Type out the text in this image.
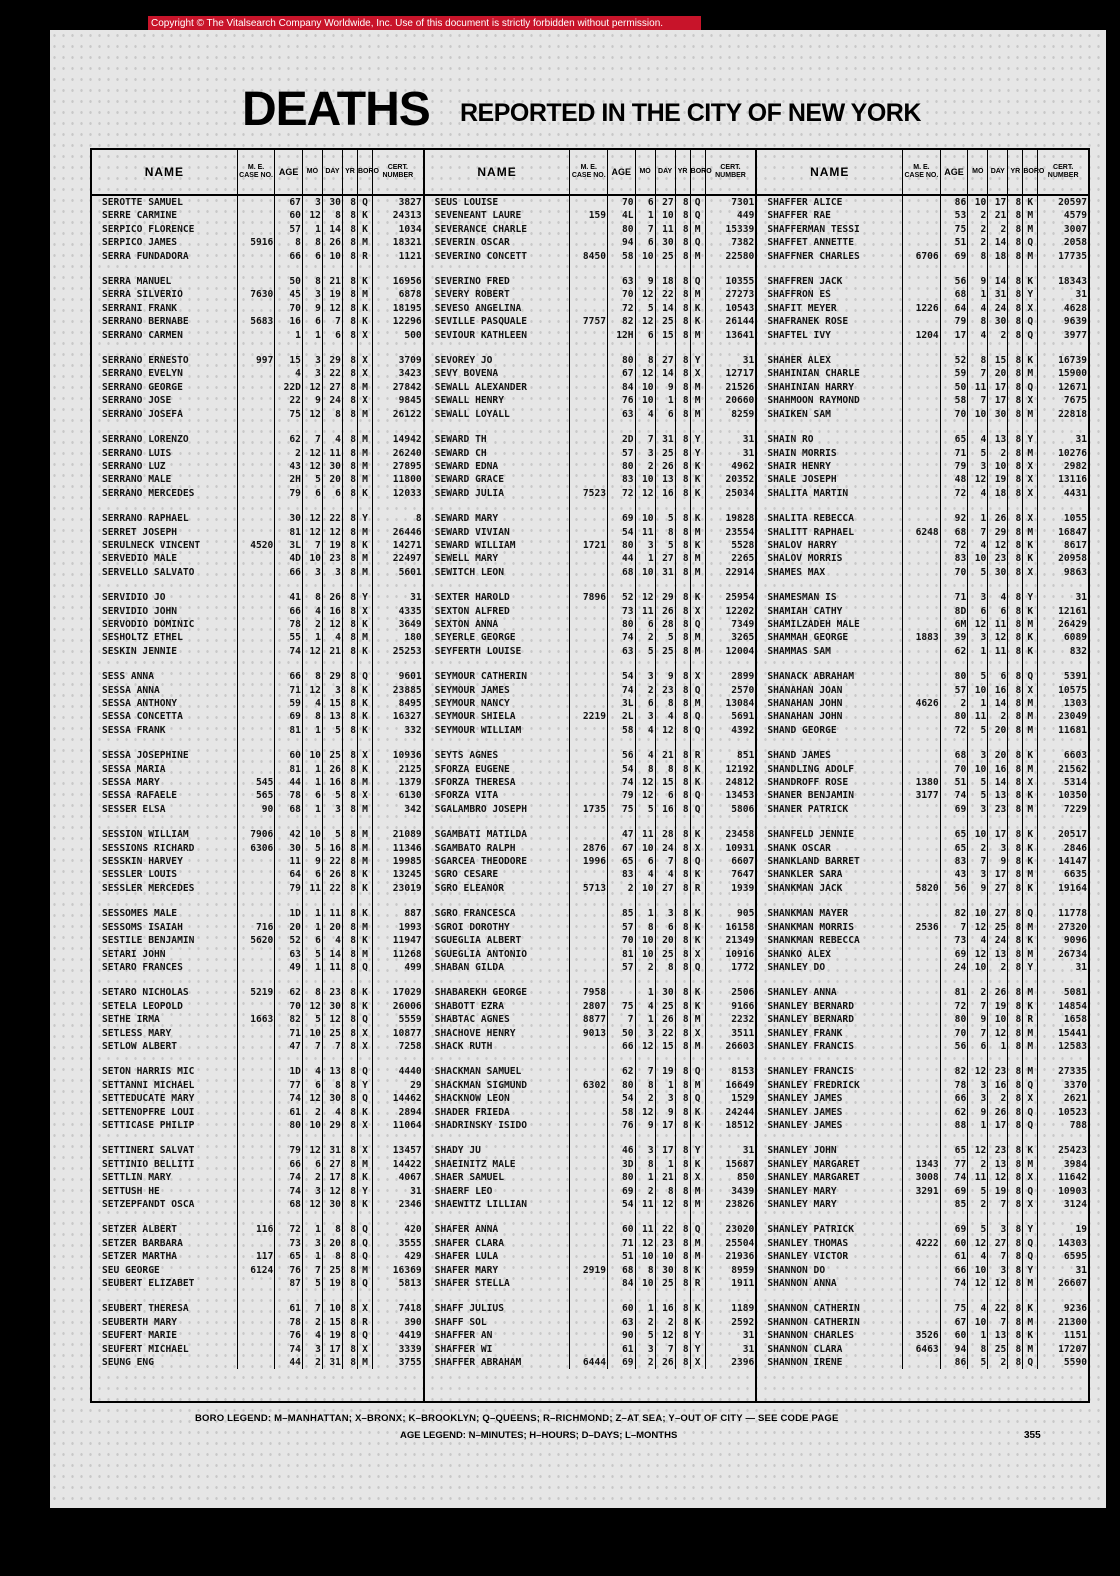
Copyright © The Vitalsearch Company Worldwide, Inc. Use of this document is strictly forbidden without permission.
DEATHS REPORTED IN THE CITY OF NEW YORK
NAME	M. E. CASE NO.	AGE	MO	DAY	YR	BORO	CERT. NUMBER
SEROTTE SAMUEL		67	3	30	8	Q	3827
SERRE CARMINE		60	12	8	8	K	24313
SERPICO FLORENCE		57	1	14	8	K	1034
SERPICO JAMES	5916	8	8	26	8	M	18321
SERRA FUNDADORA		66	6	10	8	R	1121

SERRA MANUEL		50	8	21	8	K	16956
SERRA SILVERIO	7630	45	3	19	8	M	6878
SERRANI FRANK		70	9	12	8	K	18195
SERRANO BERNABE	5683	16	6	7	8	K	12296
SERRANO CARMEN		1	1	6	8	X	500

SERRANO ERNESTO	997	15	3	29	8	X	3709
SERRANO EVELYN		4	3	22	8	X	3423
SERRANO GEORGE		22D	12	27	8	M	27842
SERRANO JOSE		22	9	24	8	X	9845
SERRANO JOSEFA		75	12	8	8	M	26122

SERRANO LORENZO		62	7	4	8	M	14942
SERRANO LUIS		2	12	11	8	M	26240
SERRANO LUZ		43	12	30	8	M	27895
SERRANO MALE		2H	5	20	8	M	11800
SERRANO MERCEDES		79	6	6	8	K	12033

SERRANO RAPHAEL		30	12	22	8	Y	8
SERRET JOSEPH		81	12	12	8	M	26446
SERULNECK VINCENT	4520	3L	7	19	8	K	14271
SERVEDIO MALE		4D	10	23	8	M	22497
SERVELLO SALVATO		66	3	3	8	M	5601

SERVIDIO JO		41	8	26	8	Y	31
SERVIDIO JOHN		66	4	16	8	X	4335
SERVODIO DOMINIC		78	2	12	8	K	3649
SESHOLTZ ETHEL		55	1	4	8	M	180
SESKIN JENNIE		74	12	21	8	K	25253

SESS ANNA		66	8	29	8	Q	9601
SESSA ANNA		71	12	3	8	K	23885
SESSA ANTHONY		59	4	15	8	K	8495
SESSA CONCETTA		69	8	13	8	K	16327
SESSA FRANK		81	1	5	8	K	332

SESSA JOSEPHINE		60	10	25	8	X	10936
SESSA MARIA		81	1	26	8	K	2125
SESSA MARY	545	44	1	16	8	M	1379
SESSA RAFAELE	565	78	6	5	8	X	6130
SESSER ELSA	90	68	1	3	8	M	342

SESSION WILLIAM	7906	42	10	5	8	M	21089
SESSIONS RICHARD	6306	30	5	16	8	M	11346
SESSKIN HARVEY		11	9	22	8	M	19985
SESSLER LOUIS		64	6	26	8	K	13245
SESSLER MERCEDES		79	11	22	8	K	23019

SESSOMES MALE		1D	1	11	8	K	887
SESSOMS ISAIAH	716	20	1	20	8	M	1993
SESTILE BENJAMIN	5620	52	6	4	8	K	11947
SETARI JOHN		63	5	14	8	M	11268
SETARO FRANCES		49	1	11	8	Q	499

SETARO NICHOLAS	5219	62	8	23	8	K	17029
SETELA LEOPOLD		70	12	30	8	K	26006
SETHE IRMA	1663	82	5	12	8	Q	5559
SETLESS MARY		71	10	25	8	X	10877
SETLOW ALBERT		47	7	7	8	X	7258

SETON HARRIS MIC		1D	4	13	8	Q	4440
SETTANNI MICHAEL		77	6	8	8	Y	29
SETTEDUCATE MARY		74	12	30	8	Q	14462
SETTENOPFRE LOUI		61	2	4	8	K	2894
SETTICASE PHILIP		80	10	29	8	X	11064

SETTINERI SALVAT		79	12	31	8	X	13457
SETTINIO BELLITI		66	6	27	8	M	14422
SETTLIN MARY		74	2	17	8	K	4067
SETTUSH HE		74	3	12	8	Y	31
SETZEPFANDT OSCA		68	12	30	8	K	2346

SETZER ALBERT	116	72	1	8	8	Q	420
SETZER BARBARA		73	3	20	8	Q	3555
SETZER MARTHA	117	65	1	8	8	Q	429
SEU GEORGE	6124	76	7	25	8	M	16369
SEUBERT ELIZABET		87	5	19	8	Q	5813

SEUBERT THERESA		61	7	10	8	X	7418
SEUBERTH MARY		78	2	15	8	R	390
SEUFERT MARIE		76	4	19	8	Q	4419
SEUFERT MICHAEL		74	3	17	8	X	3339
SEUNG ENG		44	2	31	8	M	3755
NAME	M. E. CASE NO.	AGE	MO	DAY	YR	BORO	CERT. NUMBER
SEUS LOUISE		70	6	27	8	Q	7301
SEVENEANT LAURE	159	4L	1	10	8	Q	449
SEVERANCE CHARLE		80	7	11	8	M	15339
SEVERIN OSCAR		94	6	30	8	Q	7382
SEVERINO CONCETT	8450	58	10	25	8	M	22580

SEVERINO FRED		63	9	18	8	Q	10355
SEVERY ROBERT		70	12	22	8	M	27273
SEVESO ANGELINA		72	5	14	8	K	10543
SEVILLE PASQUALE	7757	82	12	25	8	K	26144
SEVIOUR KATHLEEN		12H	6	15	8	M	13641

SEVOREY JO		80	8	27	8	Y	31
SEVY BOVENA		67	12	14	8	X	12717
SEWALL ALEXANDER		84	10	9	8	M	21526
SEWALL HENRY		76	10	1	8	M	20660
SEWALL LOYALL		63	4	6	8	M	8259

SEWARD TH		2D	7	31	8	Y	31
SEWARD CH		57	3	25	8	Y	31
SEWARD EDNA		80	2	26	8	K	4962
SEWARD GRACE		83	10	13	8	K	20352
SEWARD JULIA	7523	72	12	16	8	K	25034

SEWARD MARY		69	10	5	8	K	19828
SEWARD VIVIAN		54	11	8	8	M	23554
SEWARD WILLIAM	1721	80	3	5	8	K	5528
SEWELL MARY		44	1	27	8	M	2265
SEWITCH LEON		68	10	31	8	M	22914

SEXTER HAROLD	7896	52	12	29	8	K	25954
SEXTON ALFRED		73	11	26	8	X	12202
SEXTON ANNA		80	6	28	8	Q	7349
SEYERLE GEORGE		74	2	5	8	M	3265
SEYFERTH LOUISE		63	5	25	8	M	12004

SEYMOUR CATHERIN		54	3	9	8	X	2899
SEYMOUR JAMES		74	2	23	8	Q	2570
SEYMOUR NANCY		3L	6	8	8	M	13084
SEYMOUR SHIELA	2219	2L	3	4	8	Q	5691
SEYMOUR WILLIAM		58	4	12	8	Q	4392

SEYTS AGNES		56	4	21	8	R	851
SFORZA EUGENE		54	8	8	8	K	12192
SFORZA THERESA		74	12	15	8	K	24812
SFORZA VITA		79	12	6	8	Q	13453
SGALAMBRO JOSEPH	1735	75	5	16	8	Q	5806

SGAMBATI MATILDA		47	11	28	8	K	23458
SGAMBATO RALPH	2876	67	10	24	8	X	10931
SGARCEA THEODORE	1996	65	6	7	8	Q	6607
SGRO CESARE		83	4	4	8	K	7647
SGRO ELEANOR	5713	2	10	27	8	R	1939

SGRO FRANCESCA		85	1	3	8	K	905
SGROI DOROTHY		57	8	6	8	K	16158
SGUEGLIA ALBERT		70	10	20	8	K	21349
SGUEGLIA ANTONIO		81	10	25	8	X	10916
SHABAN GILDA		57	2	8	8	Q	1772

SHABAREKH GEORGE	7958		1	30	8	K	2506
SHABOTT EZRA	2807	75	4	25	8	K	9166
SHABTAC AGNES	8877	7	1	26	8	M	2232
SHACHOVE HENRY	9013	50	3	22	8	X	3511
SHACK RUTH		66	12	15	8	M	26603

SHACKMAN SAMUEL		62	7	19	8	Q	8153
SHACKMAN SIGMUND	6302	80	8	1	8	M	16649
SHACKNOW LEON		54	2	3	8	Q	1529
SHADER FRIEDA		58	12	9	8	K	24244
SHADRINSKY ISIDO		76	9	17	8	K	18512

SHADY JU		46	3	17	8	Y	31
SHAEINITZ MALE		3D	8	1	8	K	15687
SHAER SAMUEL		80	1	21	8	X	850
SHAERF LEO		69	2	8	8	M	3439
SHAEWITZ LILLIAN		54	11	12	8	M	23826

SHAFER ANNA		60	11	22	8	Q	23020
SHAFER CLARA		71	12	23	8	M	25504
SHAFER LULA		51	10	10	8	M	21936
SHAFER MARY	2919	68	8	30	8	K	8959
SHAFER STELLA		84	10	25	8	R	1911

SHAFF JULIUS		60	1	16	8	K	1189
SHAFF SOL		63	2	2	8	K	2592
SHAFFER AN		90	5	12	8	Y	31
SHAFFER WI		61	3	7	8	Y	31
SHAFFER ABRAHAM	6444	69	2	26	8	X	2396
NAME	M. E. CASE NO.	AGE	MO	DAY	YR	BORO	CERT. NUMBER
SHAFFER ALICE		86	10	17	8	K	20597
SHAFFER RAE		53	2	21	8	M	4579
SHAFFERMAN TESSI		75	2	2	8	M	3007
SHAFFET ANNETTE		51	2	14	8	Q	2058
SHAFFNER CHARLES	6706	69	8	18	8	M	17735

SHAFFREN JACK		56	9	14	8	K	18343
SHAFFRON ES		68	1	31	8	Y	31
SHAFIT MEYER	1226	64	4	24	8	X	4628
SHAFRANEK ROSE		79	8	30	8	Q	9639
SHAFTEL IVY	1204	17	4	2	8	Q	3977

SHAHER ALEX		52	8	15	8	K	16739
SHAHINIAN CHARLE		59	7	20	8	M	15900
SHAHINIAN HARRY		50	11	17	8	Q	12671
SHAHMOON RAYMOND		58	7	17	8	X	7675
SHAIKEN SAM		70	10	30	8	M	22818

SHAIN RO		65	4	13	8	Y	31
SHAIN MORRIS		71	5	2	8	M	10276
SHAIR HENRY		79	3	10	8	X	2982
SHALE JOSEPH		48	12	19	8	X	13116
SHALITA MARTIN		72	4	18	8	X	4431

SHALITA REBECCA		92	1	26	8	X	1055
SHALITT RAPHAEL	6248	68	7	29	8	M	16847
SHALOV HARRY		72	4	12	8	K	8617
SHALOV MORRIS		83	10	23	8	K	20958
SHAMES MAX		70	5	30	8	X	9863

SHAMESMAN IS		71	3	4	8	Y	31
SHAMIAH CATHY		8D	6	6	8	K	12161
SHAMILZADEH MALE		6M	12	11	8	M	26429
SHAMMAH GEORGE	1883	39	3	12	8	K	6089
SHAMMAS SAM		62	1	11	8	K	832

SHANACK ABRAHAM		80	5	6	8	Q	5391
SHANAHAN JOAN		57	10	16	8	X	10575
SHANAHAN JOHN	4626	2	1	14	8	M	1303
SHANAHAN JOHN		80	11	2	8	M	23049
SHAND GEORGE		72	5	20	8	M	11681

SHAND JAMES		68	3	20	8	K	6603
SHANDLING ADOLF		70	10	16	8	M	21562
SHANDROFF ROSE	1380	51	5	14	8	X	5314
SHANER BENJAMIN	3177	74	5	13	8	K	10350
SHANER PATRICK		69	3	23	8	M	7229

SHANFELD JENNIE		65	10	17	8	K	20517
SHANK OSCAR		65	2	3	8	K	2846
SHANKLAND BARRET		83	7	9	8	K	14147
SHANKLER SARA		43	3	17	8	M	6635
SHANKMAN JACK	5820	56	9	27	8	K	19164

SHANKMAN MAYER		82	10	27	8	Q	11778
SHANKMAN MORRIS	2536	7	12	25	8	M	27320
SHANKMAN REBECCA		73	4	24	8	K	9096
SHANKO ALEX		69	12	13	8	M	26734
SHANLEY DO		24	10	2	8	Y	31

SHANLEY ANNA		81	2	26	8	M	5081
SHANLEY BERNARD		72	7	19	8	K	14854
SHANLEY BERNARD		80	9	10	8	R	1658
SHANLEY FRANK		70	7	12	8	M	15441
SHANLEY FRANCIS		56	6	1	8	M	12583

SHANLEY FRANCIS		82	12	23	8	M	27335
SHANLEY FREDRICK		78	3	16	8	Q	3370
SHANLEY JAMES		66	3	2	8	X	2621
SHANLEY JAMES		62	9	26	8	Q	10523
SHANLEY JAMES		88	1	17	8	Q	788

SHANLEY JOHN		65	12	23	8	K	25423
SHANLEY MARGARET	1343	77	2	13	8	M	3984
SHANLEY MARGARET	3008	74	11	12	8	X	11642
SHANLEY MARY	3291	69	5	19	8	Q	10903
SHANLEY MARY		85	2	7	8	X	3124

SHANLEY PATRICK		69	5	3	8	Y	19
SHANLEY THOMAS	4222	60	12	27	8	Q	14303
SHANLEY VICTOR		61	4	7	8	Q	6595
SHANNON DO		66	10	3	8	Y	31
SHANNON ANNA		74	12	12	8	M	26607

SHANNON CATHERIN		75	4	22	8	K	9236
SHANNON CATHERIN		67	10	7	8	M	21300
SHANNON CHARLES	3526	60	1	13	8	K	1151
SHANNON CLARA	6463	94	8	25	8	M	17207
SHANNON IRENE		86	5	2	8	Q	5590
BORO LEGEND: M–MANHATTAN; X–BRONX; K–BROOKLYN; Q–QUEENS; R–RICHMOND; Z–AT SEA; Y–OUT OF CITY — SEE CODE PAGE
AGE LEGEND: N–MINUTES; H–HOURS; D–DAYS; L–MONTHS	355
